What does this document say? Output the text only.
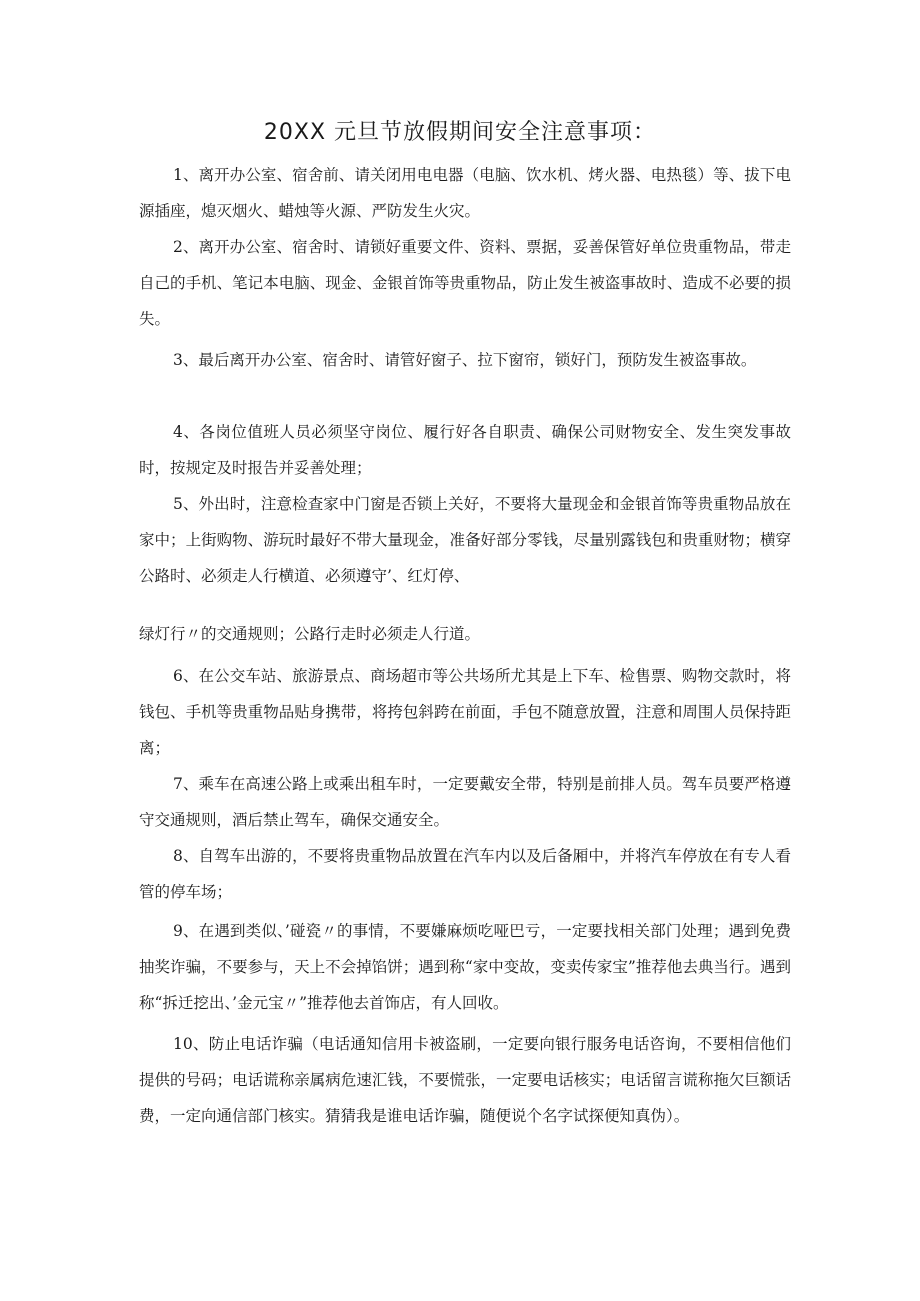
20XX 元旦节放假期间安全注意事项：

1、离开办公室、宿舍前、请关闭用电电器（电脑、饮水机、烤火器、电热毯）等、拔下电源插座，熄灭烟火、蜡烛等火源、严防发生火灾。

2、离开办公室、宿舍时、请锁好重要文件、资料、票据，妥善保管好单位贵重物品，带走自己的手机、笔记本电脑、现金、金银首饰等贵重物品，防止发生被盗事故时、造成不必要的损失。

3、最后离开办公室、宿舍时、请管好窗子、拉下窗帘，锁好门，预防发生被盗事故。

4、各岗位值班人员必须坚守岗位、履行好各自职责、确保公司财物安全、发生突发事故时，按规定及时报告并妥善处理；

5、外出时，注意检查家中门窗是否锁上关好，不要将大量现金和金银首饰等贵重物品放在家中；上街购物、游玩时最好不带大量现金，准备好部分零钱，尽量别露钱包和贵重财物；横穿公路时、必须走人行横道、必须遵守’、红灯停、

绿灯行〃的交通规则；公路行走时必须走人行道。

6、在公交车站、旅游景点、商场超市等公共场所尤其是上下车、检售票、购物交款时，将钱包、手机等贵重物品贴身携带，将挎包斜跨在前面，手包不随意放置，注意和周围人员保持距离；

7、乘车在高速公路上或乘出租车时，一定要戴安全带，特别是前排人员。驾车员要严格遵守交通规则，酒后禁止驾车，确保交通安全。

8、自驾车出游的，不要将贵重物品放置在汽车内以及后备厢中，并将汽车停放在有专人看管的停车场；

9、在遇到类似、’碰瓷〃的事情，不要嫌麻烦吃哑巴亏，一定要找相关部门处理；遇到免费抽奖诈骗，不要参与，天上不会掉馅饼；遇到称“家中变故，变卖传家宝”推荐他去典当行。遇到称“拆迁挖出、’金元宝〃”推荐他去首饰店，有人回收。

10、防止电话诈骗（电话通知信用卡被盗刷，一定要向银行服务电话咨询，不要相信他们提供的号码；电话谎称亲属病危速汇钱，不要慌张，一定要电话核实；电话留言谎称拖欠巨额话费，一定向通信部门核实。猜猜我是谁电话诈骗，随便说个名字试探便知真伪）。
